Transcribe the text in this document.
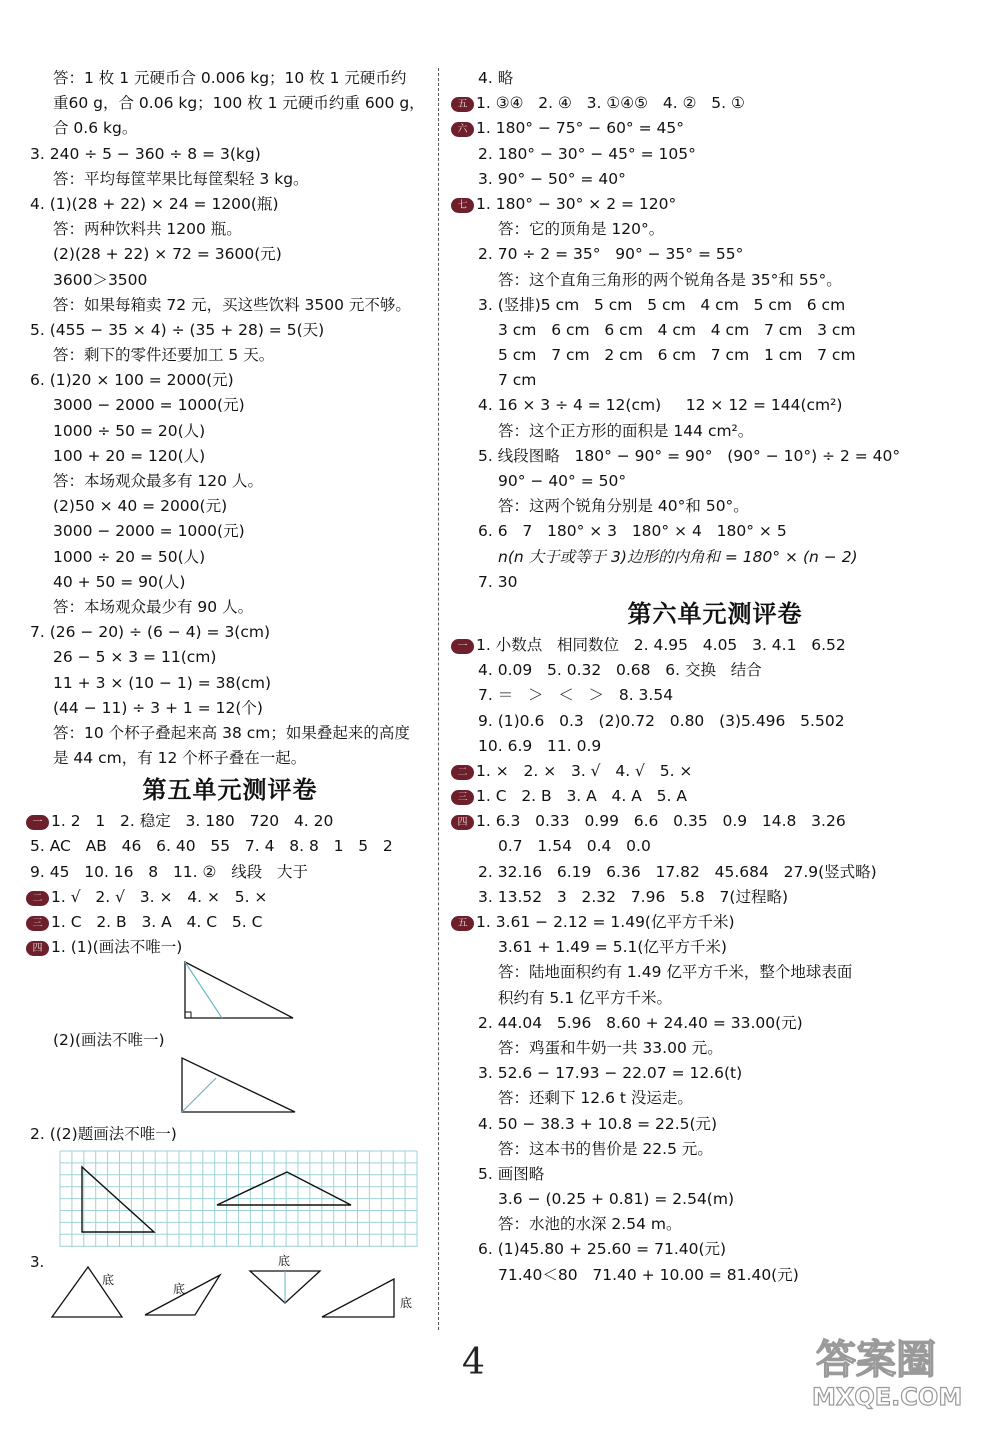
答：1 枚 1 元硬币合 0.006 kg；10 枚 1 元硬币约
重60 g，合 0.06 kg；100 枚 1 元硬币约重 600 g，
合 0.6 kg。
3. 240 ÷ 5 − 360 ÷ 8 = 3(kg)
答：平均每筐苹果比每筐梨轻 3 kg。
4. (1)(28 + 22) × 24 = 1200(瓶)
答：两种饮料共 1200 瓶。
(2)(28 + 22) × 72 = 3600(元)
3600＞3500
答：如果每箱卖 72 元，买这些饮料 3500 元不够。
5. (455 − 35 × 4) ÷ (35 + 28) = 5(天)
答：剩下的零件还要加工 5 天。
6. (1)20 × 100 = 2000(元)
3000 − 2000 = 1000(元)
1000 ÷ 50 = 20(人)
100 + 20 = 120(人)
答：本场观众最多有 120 人。
(2)50 × 40 = 2000(元)
3000 − 2000 = 1000(元)
1000 ÷ 20 = 50(人)
40 + 50 = 90(人)
答：本场观众最少有 90 人。
7. (26 − 20) ÷ (6 − 4) = 3(cm)
26 − 5 × 3 = 11(cm)
11 + 3 × (10 − 1) = 38(cm)
(44 − 11) ÷ 3 + 1 = 12(个)
答：10 个杯子叠起来高 38 cm；如果叠起来的高度
是 44 cm，有 12 个杯子叠在一起。
第五单元测评卷
一 1. 2   1   2. 稳定   3. 180   720   4. 20
5. AC   AB   46   6. 40   55   7. 4   8. 8   1   5   2
9. 45   10. 16   8   11. ②   线段   大于
二 1. √   2. √   3. ×   4. ×   5. ×
三 1. C   2. B   3. A   4. C   5. C
四 1. (1)(画法不唯一)
(2)(画法不唯一)
2. ((2)题画法不唯一)
3.
底
底
底
底
4. 略
五 1. ③④   2. ④   3. ①④⑤   4. ②   5. ①
六 1. 180° − 75° − 60° = 45°
2. 180° − 30° − 45° = 105°
3. 90° − 50° = 40°
七 1. 180° − 30° × 2 = 120°
答：它的顶角是 120°。
2. 70 ÷ 2 = 35°   90° − 35° = 55°
答：这个直角三角形的两个锐角各是 35°和 55°。
3. (竖排)5 cm   5 cm   5 cm   4 cm   5 cm   6 cm
3 cm   6 cm   6 cm   4 cm   4 cm   7 cm   3 cm
5 cm   7 cm   2 cm   6 cm   7 cm   1 cm   7 cm
7 cm
4. 16 × 3 ÷ 4 = 12(cm)     12 × 12 = 144(cm²)
答：这个正方形的面积是 144 cm²。
5. 线段图略   180° − 90° = 90°   (90° − 10°) ÷ 2 = 40°
90° − 40° = 50°
答：这两个锐角分别是 40°和 50°。
6. 6   7   180° × 3   180° × 4   180° × 5
n(n 大于或等于 3)边形的内角和 = 180° × (n − 2)
7. 30
第六单元测评卷
一 1. 小数点   相同数位   2. 4.95   4.05   3. 4.1   6.52
4. 0.09   5. 0.32   0.68   6. 交换   结合
7. ＝   ＞   ＜   ＞   8. 3.54
9. (1)0.6   0.3   (2)0.72   0.80   (3)5.496   5.502
10. 6.9   11. 0.9
二 1. ×   2. ×   3. √   4. √   5. ×
三 1. C   2. B   3. A   4. A   5. A
四 1. 6.3   0.33   0.99   6.6   0.35   0.9   14.8   3.26
0.7   1.54   0.4   0.0
2. 32.16   6.19   6.36   17.82   45.684   27.9(竖式略)
3. 13.52   3   2.32   7.96   5.8   7(过程略)
五 1. 3.61 − 2.12 = 1.49(亿平方千米)
3.61 + 1.49 = 5.1(亿平方千米)
答：陆地面积约有 1.49 亿平方千米，整个地球表面
积约有 5.1 亿平方千米。
2. 44.04   5.96   8.60 + 24.40 = 33.00(元)
答：鸡蛋和牛奶一共 33.00 元。
3. 52.6 − 17.93 − 22.07 = 12.6(t)
答：还剩下 12.6 t 没运走。
4. 50 − 38.3 + 10.8 = 22.5(元)
答：这本书的售价是 22.5 元。
5. 画图略
3.6 − (0.25 + 0.81) = 2.54(m)
答：水池的水深 2.54 m。
6. (1)45.80 + 25.60 = 71.40(元)
71.40＜80   71.40 + 10.00 = 81.40(元)
4	答案圈
MXQE.COM
